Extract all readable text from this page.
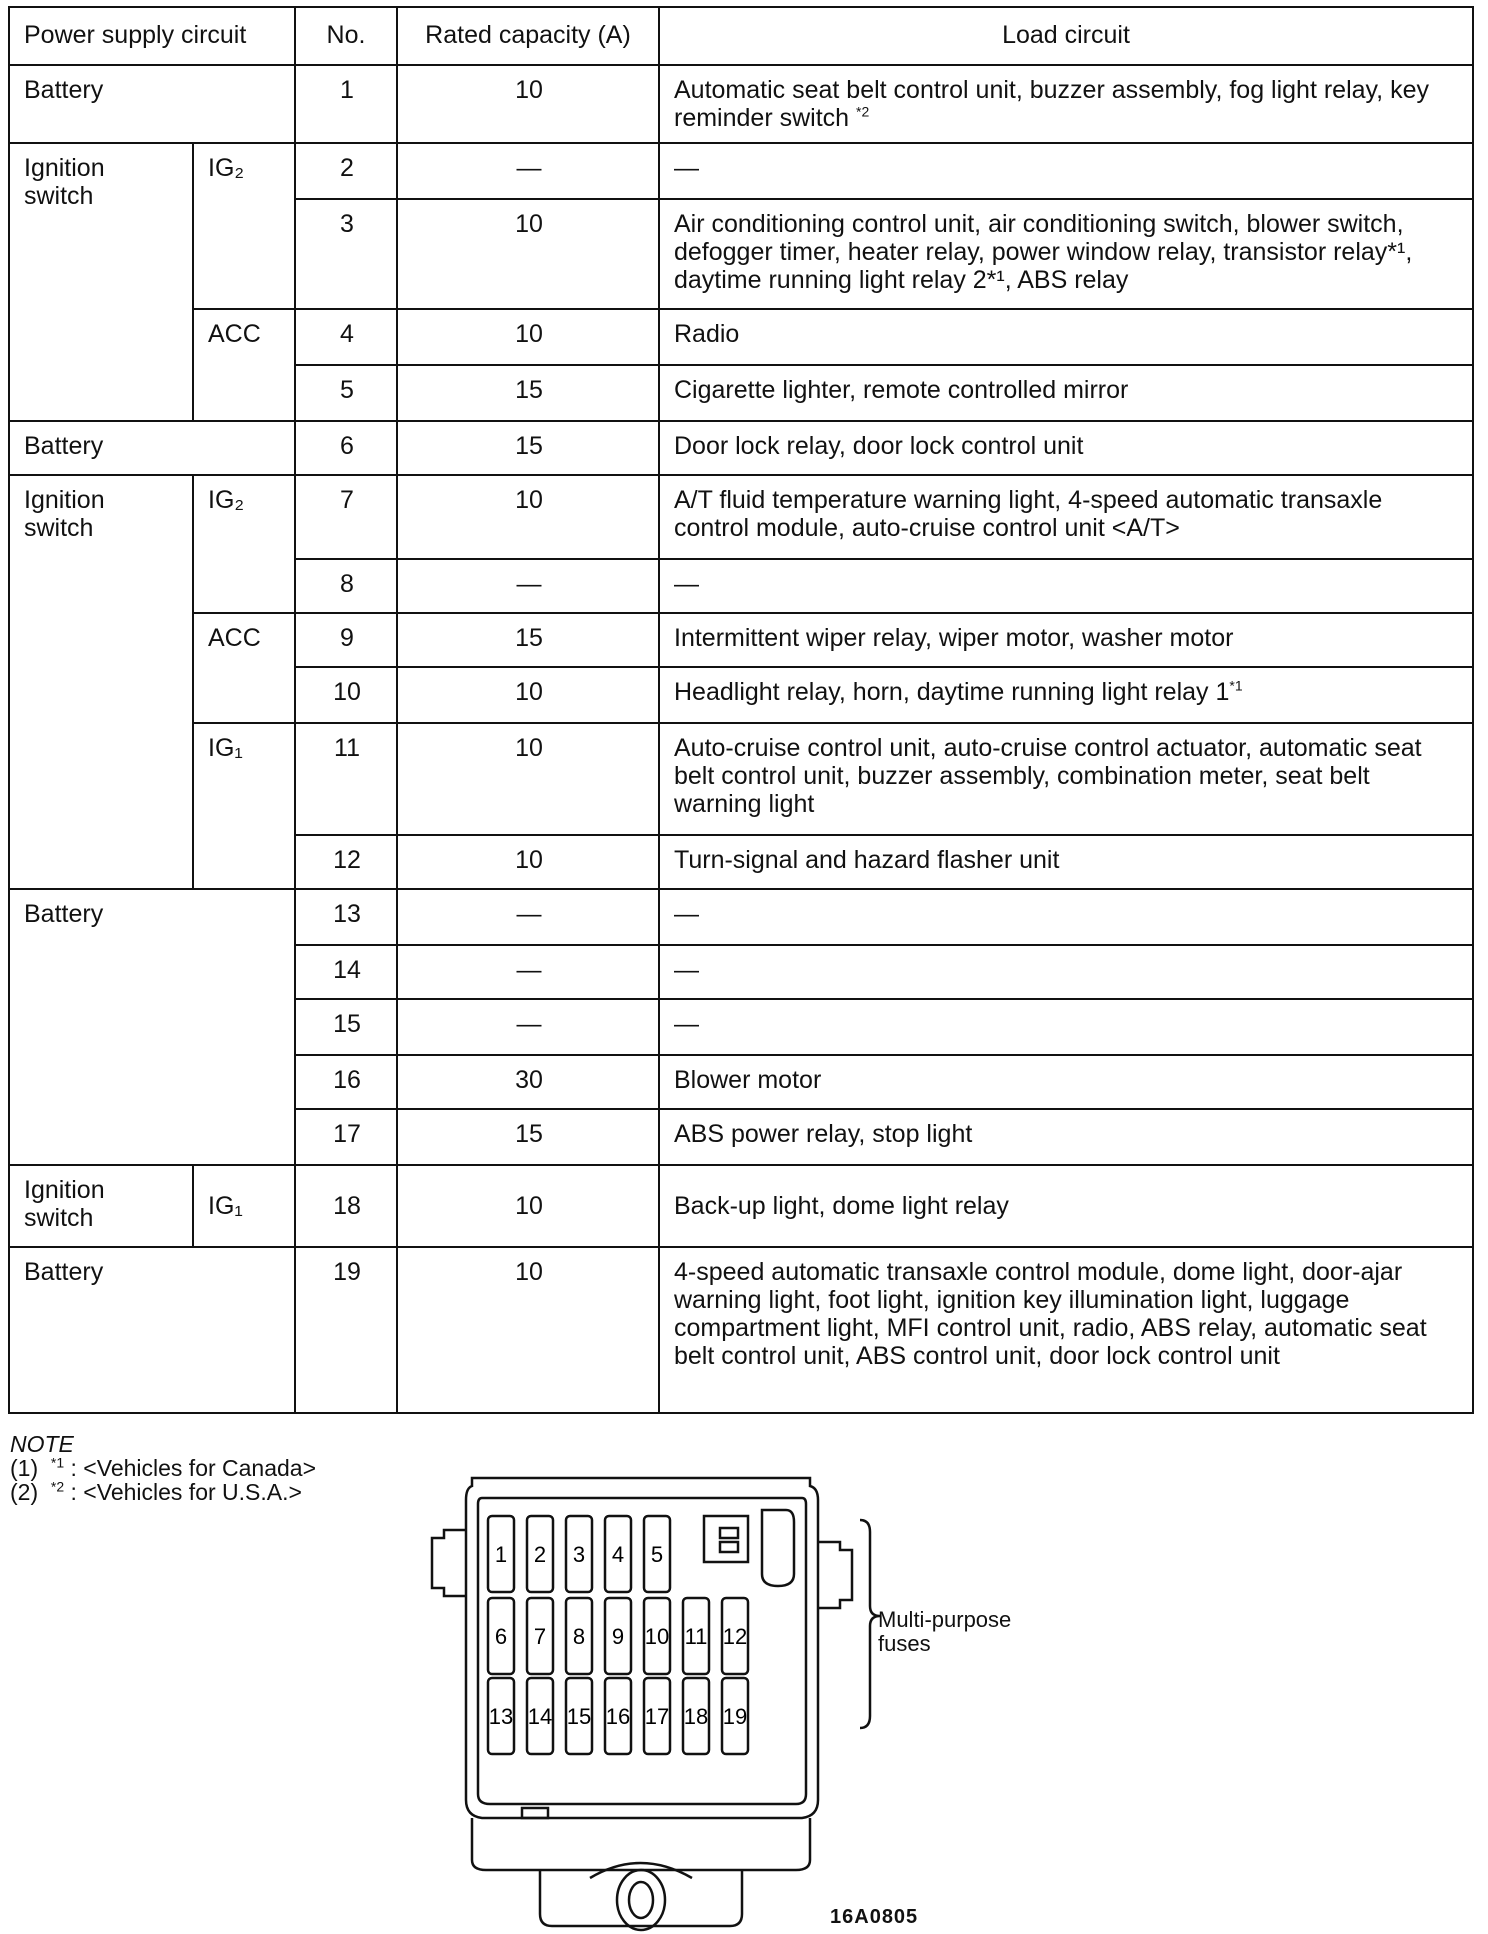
Power supply circuit		No.	Rated capacity (A)	Load circuit
Battery		1	10	Automatic seat belt control unit, buzzer assembly, fog light relay, key reminder switch $^{*2}$
Ignition
switch	IG₂	2	—	—
		3	10	Air conditioning control unit, air conditioning switch, blower switch, defogger timer, heater relay, power window relay, transistor relay*¹, daytime running light relay 2*¹, ABS relay
	ACC	4	10	Radio
		5	15	Cigarette lighter, remote controlled mirror
Battery		6	15	Door lock relay, door lock control unit
Ignition
switch	IG₂	7	10	A/T fluid temperature warning light, 4-speed automatic transaxle control module, auto-cruise control unit <A/T>
		8	—	—
	ACC	9	15	Intermittent wiper relay, wiper motor, washer motor
		10	10	Headlight relay, horn, daytime running light relay 1$^{*1}$
	IG₁	11	10	Auto-cruise control unit, auto-cruise control actuator, automatic seat belt control unit, buzzer assembly, combination meter, seat belt warning light
		12	10	Turn-signal and hazard flasher unit
Battery		13	—	—
		14	—	—
		15	—	—
		16	30	Blower motor
		17	15	ABS power relay, stop light
Ignition
switch	IG₁	18	10	Back-up light, dome light relay
Battery		19	10	4-speed automatic transaxle control module, dome light, door-ajar warning light, foot light, ignition key illumination light, luggage compartment light, MFI control unit, radio, ABS relay, automatic seat belt control unit, ABS control unit, door lock control unit
NOTE
(1) $^{*1}$ : <Vehicles for Canada>
(2) $^{*2}$ : <Vehicles for U.S.A.>
1 2 3 4 5
6 7 8 9 10 11 12
13 14 15 16 17 18 19
Multi-purpose fuses
16A0805
